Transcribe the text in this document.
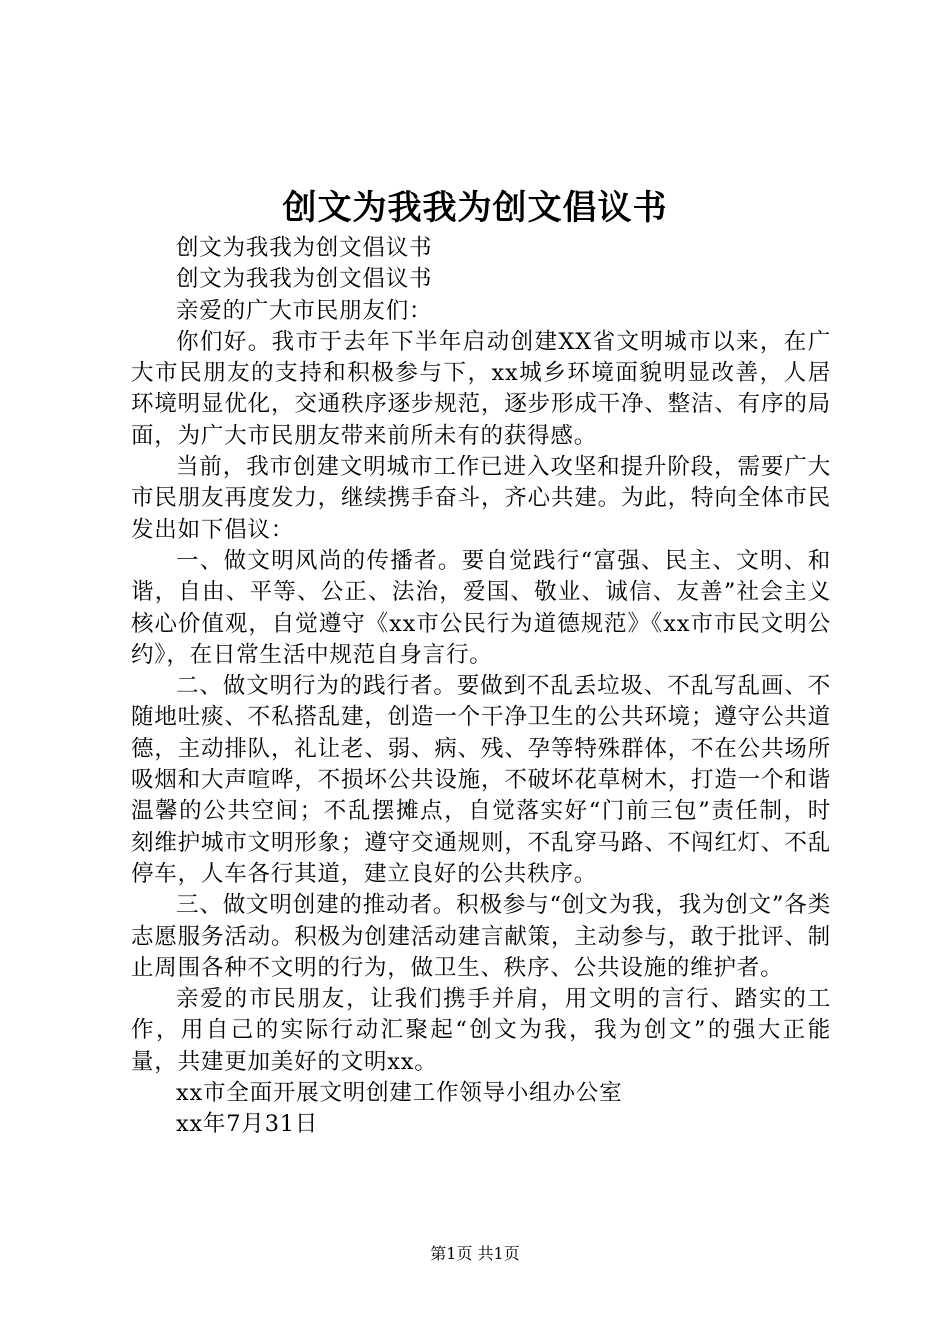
创文为我我为创文倡议书

创文为我我为创文倡议书

创文为我我为创文倡议书

亲爱的广大市民朋友们：

你们好。我市于去年下半年启动创建XX省文明城市以来，在广大市民朋友的支持和积极参与下，xx城乡环境面貌明显改善，人居环境明显优化，交通秩序逐步规范，逐步形成干净、整洁、有序的局面，为广大市民朋友带来前所未有的获得感。

当前，我市创建文明城市工作已进入攻坚和提升阶段，需要广大市民朋友再度发力，继续携手奋斗，齐心共建。为此，特向全体市民发出如下倡议：

一、做文明风尚的传播者。要自觉践行“富强、民主、文明、和谐，自由、平等、公正、法治，爱国、敬业、诚信、友善”社会主义核心价值观，自觉遵守《xx市公民行为道德规范》《xx市市民文明公约》，在日常生活中规范自身言行。

二、做文明行为的践行者。要做到不乱丢垃圾、不乱写乱画、不随地吐痰、不私搭乱建，创造一个干净卫生的公共环境；遵守公共道德，主动排队，礼让老、弱、病、残、孕等特殊群体，不在公共场所吸烟和大声喧哗，不损坏公共设施，不破坏花草树木，打造一个和谐温馨的公共空间；不乱摆摊点，自觉落实好“门前三包”责任制，时刻维护城市文明形象；遵守交通规则，不乱穿马路、不闯红灯、不乱停车，人车各行其道，建立良好的公共秩序。

三、做文明创建的推动者。积极参与“创文为我，我为创文”各类志愿服务活动。积极为创建活动建言献策，主动参与，敢于批评、制止周围各种不文明的行为，做卫生、秩序、公共设施的维护者。

亲爱的市民朋友，让我们携手并肩，用文明的言行、踏实的工作，用自己的实际行动汇聚起“创文为我，我为创文”的强大正能量，共建更加美好的文明xx。

xx市全面开展文明创建工作领导小组办公室

xx年7月31日

第1页 共1页
